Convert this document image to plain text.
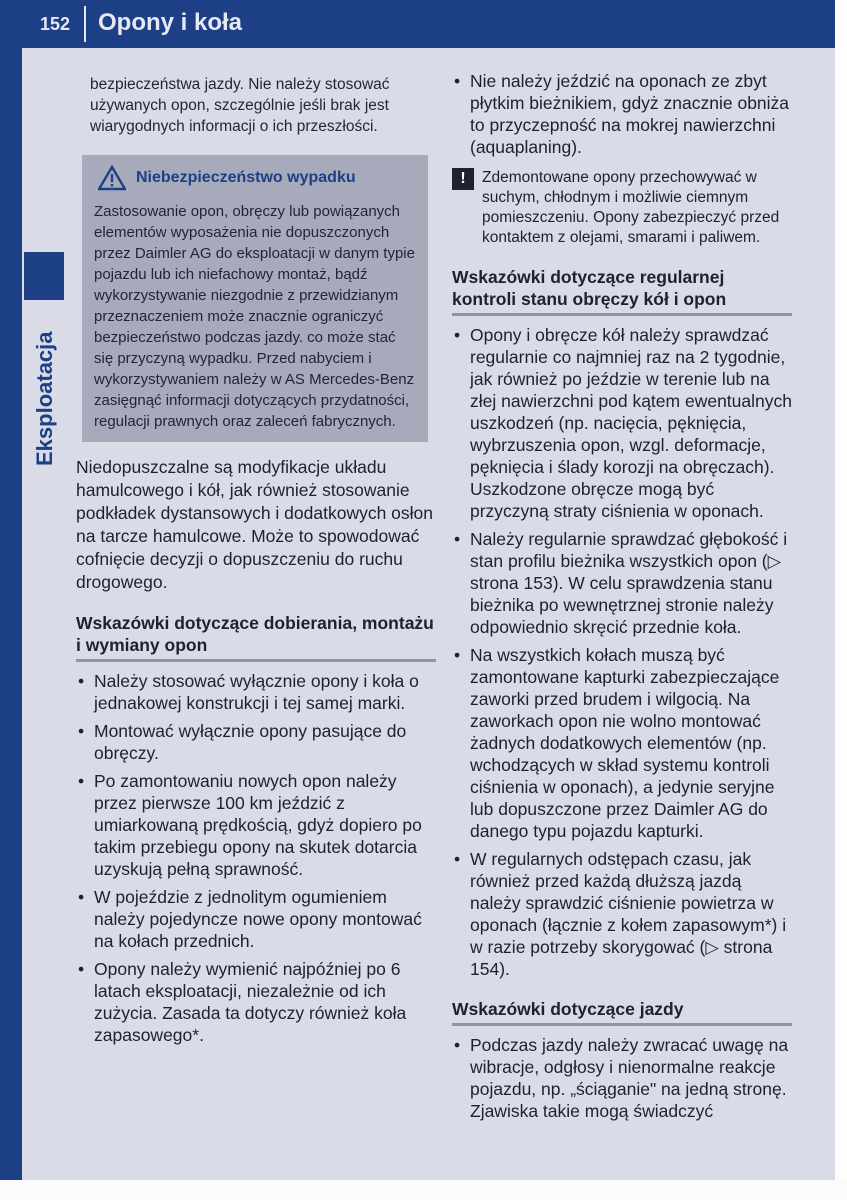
152 Opony i koła
Eksploatacja

bezpieczeństwa jazdy. Nie należy stosować używanych opon, szczególnie jeśli brak jest wiarygodnych informacji o ich przeszłości.

Niebezpieczeństwo wypadku

Zastosowanie opon, obręczy lub powiązanych elementów wyposażenia nie dopuszczonych przez Daimler AG do eksploatacji w danym typie pojazdu lub ich niefachowy montaż, bądź wykorzystywanie niezgodnie z przewidzianym przeznaczeniem może znacznie ograniczyć bezpieczeństwo podczas jazdy. co może stać się przyczyną wypadku. Przed nabyciem i wykorzystywaniem należy w AS Mercedes-Benz zasięgnąć informacji dotyczących przydatności, regulacji prawnych oraz zaleceń fabrycznych.

Niedopuszczalne są modyfikacje układu hamulcowego i kół, jak również stosowanie podkładek dystansowych i dodatkowych osłon na tarcze hamulcowe. Może to spowodować cofnięcie decyzji o dopuszczeniu do ruchu drogowego.

Wskazówki dotyczące dobierania, montażu i wymiany opon
• Należy stosować wyłącznie opony i koła o jednakowej konstrukcji i tej samej marki.
• Montować wyłącznie opony pasujące do obręczy.
• Po zamontowaniu nowych opon należy przez pierwsze 100 km jeździć z umiarkowaną prędkością, gdyż dopiero po takim przebiegu opony na skutek dotarcia uzyskują pełną sprawność.
• W pojeździe z jednolitym ogumieniem należy pojedyncze nowe opony montować na kołach przednich.
• Opony należy wymienić najpóźniej po 6 latach eksploatacji, niezależnie od ich zużycia. Zasada ta dotyczy również koła zapasowego*.
• Nie należy jeździć na oponach ze zbyt płytkim bieżnikiem, gdyż znacznie obniża to przyczepność na mokrej nawierzchni (aquaplaning).
!	Zdemontowane opony przechowywać w suchym, chłodnym i możliwie ciemnym pomieszczeniu. Opony zabezpieczyć przed kontaktem z olejami, smarami i paliwem.
Wskazówki dotyczące regularnej kontroli stanu obręczy kół i opon
• Opony i obręcze kół należy sprawdzać regularnie co najmniej raz na 2 tygodnie, jak również po jeździe w terenie lub na złej nawierzchni pod kątem ewentualnych uszkodzeń (np. nacięcia, pęknięcia, wybrzuszenia opon, wzgl. deformacje, pęknięcia i ślady korozji na obręczach). Uszkodzone obręcze mogą być przyczyną straty ciśnienia w oponach.
• Należy regularnie sprawdzać głębokość i stan profilu bieżnika wszystkich opon (▷ strona 153). W celu sprawdzenia stanu bieżnika po wewnętrznej stronie należy odpowiednio skręcić przednie koła.
• Na wszystkich kołach muszą być zamontowane kapturki zabezpieczające zaworki przed brudem i wilgocią. Na zaworkach opon nie wolno montować żadnych dodatkowych elementów (np. wchodzących w skład systemu kontroli ciśnienia w oponach), a jedynie seryjne lub dopuszczone przez Daimler AG do danego typu pojazdu kapturki.
• W regularnych odstępach czasu, jak również przed każdą dłuższą jazdą należy sprawdzić ciśnienie powietrza w oponach (łącznie z kołem zapasowym*) i w razie potrzeby skorygować (▷ strona 154).
Wskazówki dotyczące jazdy
• Podczas jazdy należy zwracać uwagę na wibracje, odgłosy i nienormalne reakcje pojazdu, np. „ściąganie" na jedną stronę. Zjawiska takie mogą świadczyć
